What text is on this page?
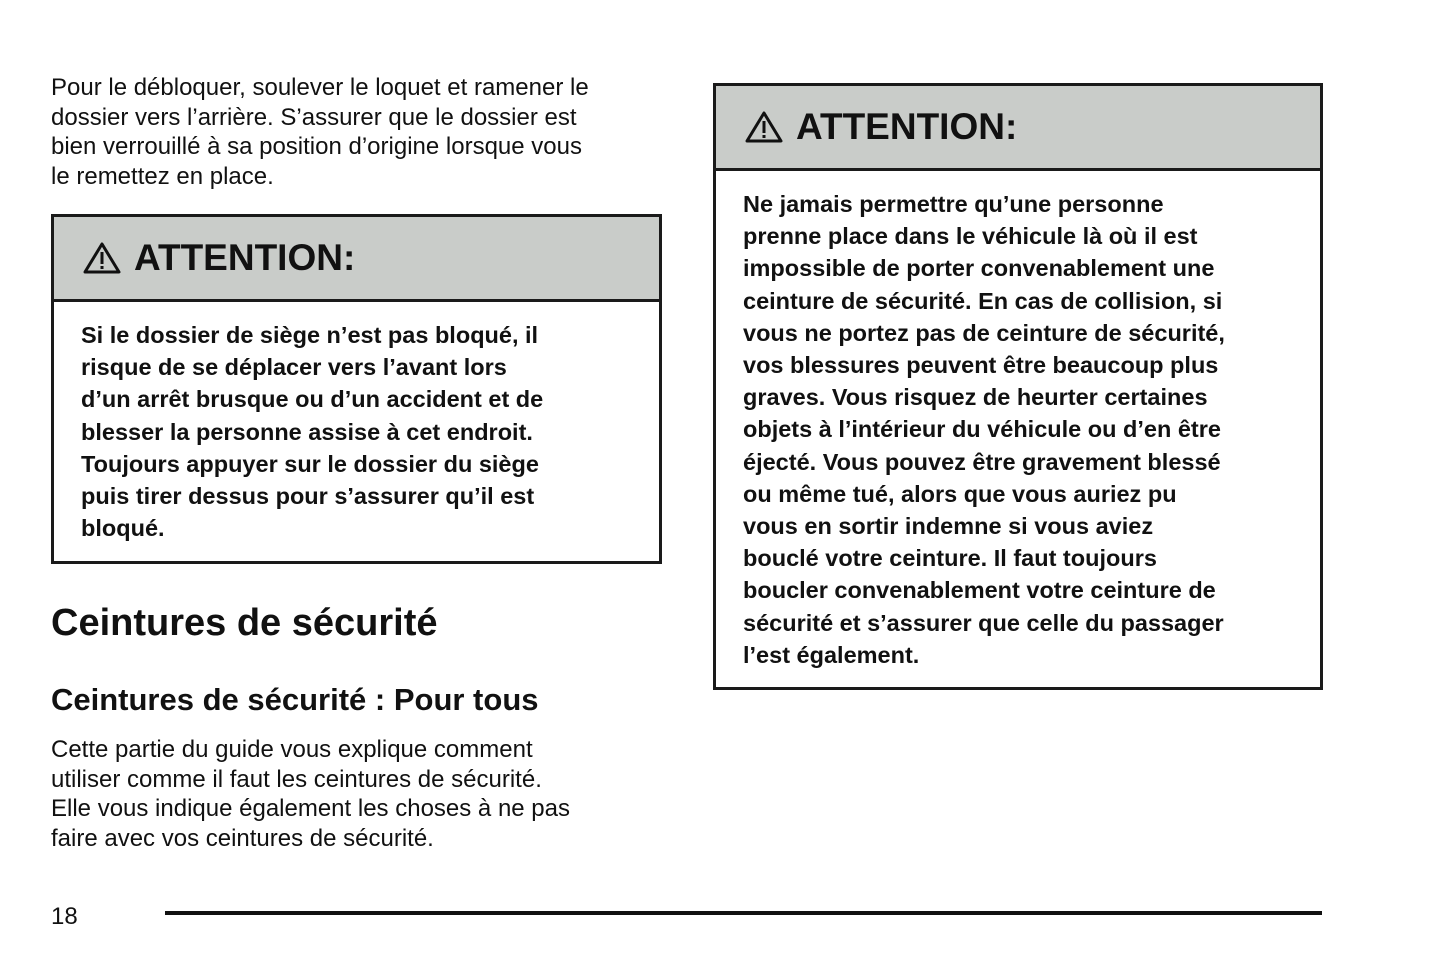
Pour le débloquer, soulever le loquet et ramener le
dossier vers l’arrière. S’assurer que le dossier est
bien verrouillé à sa position d’origine lorsque vous
le remettez en place.
ATTENTION:
Si le dossier de siège n’est pas bloqué, il
risque de se déplacer vers l’avant lors
d’un arrêt brusque ou d’un accident et de
blesser la personne assise à cet endroit.
Toujours appuyer sur le dossier du siège
puis tirer dessus pour s’assurer qu’il est
bloqué.
Ceintures de sécurité
Ceintures de sécurité : Pour tous
Cette partie du guide vous explique comment
utiliser comme il faut les ceintures de sécurité.
Elle vous indique également les choses à ne pas
faire avec vos ceintures de sécurité.
ATTENTION:
Ne jamais permettre qu’une personne
prenne place dans le véhicule là où il est
impossible de porter convenablement une
ceinture de sécurité. En cas de collision, si
vous ne portez pas de ceinture de sécurité,
vos blessures peuvent être beaucoup plus
graves. Vous risquez de heurter certaines
objets à l’intérieur du véhicule ou d’en être
éjecté. Vous pouvez être gravement blessé
ou même tué, alors que vous auriez pu
vous en sortir indemne si vous aviez
bouclé votre ceinture. Il faut toujours
boucler convenablement votre ceinture de
sécurité et s’assurer que celle du passager
l’est également.
18
